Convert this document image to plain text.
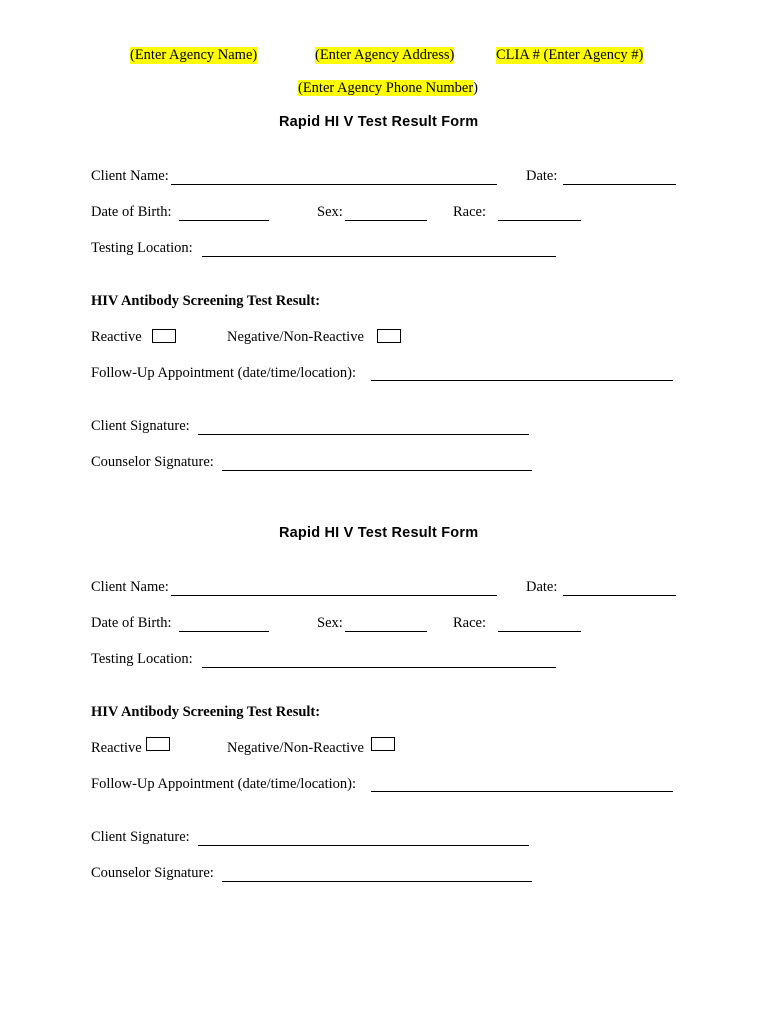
(Enter Agency Name)	(Enter Agency Address)	CLIA # (Enter Agency #)
(Enter Agency Phone Number)
Rapid HI V Test Result Form
Client Name:	Date:
Date of Birth:	Sex:	Race:
Testing Location:
HIV Antibody Screening Test Result:
Reactive	Negative/Non-Reactive
Follow-Up Appointment (date/time/location):
Client Signature:
Counselor Signature:
Rapid HI V Test Result Form
Client Name:	Date:
Date of Birth:	Sex:	Race:
Testing Location:
HIV Antibody Screening Test Result:
Reactive	Negative/Non-Reactive
Follow-Up Appointment (date/time/location):
Client Signature:
Counselor Signature:
